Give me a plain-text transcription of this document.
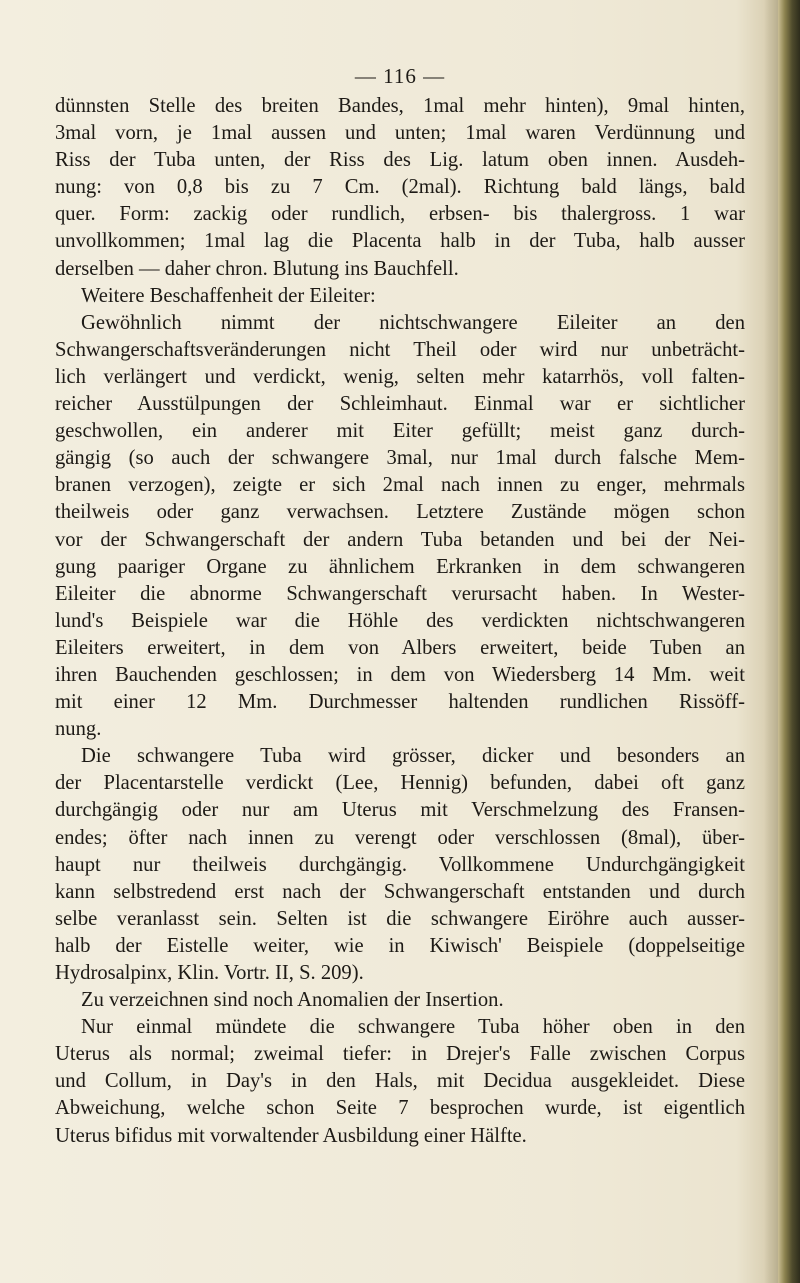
— 116 —
dünnsten Stelle des breiten Bandes, 1mal mehr hinten), 9mal hinten,
3mal vorn, je 1mal aussen und unten; 1mal waren Verdünnung und
Riss der Tuba unten, der Riss des Lig. latum oben innen. Ausdeh-
nung: von 0,8 bis zu 7 Cm. (2mal). Richtung bald längs, bald
quer. Form: zackig oder rundlich, erbsen- bis thalergross. 1 war
unvollkommen; 1mal lag die Placenta halb in der Tuba, halb ausser
derselben — daher chron. Blutung ins Bauchfell.
Weitere Beschaffenheit der Eileiter:
Gewöhnlich nimmt der nichtschwangere Eileiter an den
Schwangerschaftsveränderungen nicht Theil oder wird nur unbeträcht-
lich verlängert und verdickt, wenig, selten mehr katarrhös, voll falten-
reicher Ausstülpungen der Schleimhaut. Einmal war er sichtlicher
geschwollen, ein anderer mit Eiter gefüllt; meist ganz durch-
gängig (so auch der schwangere 3mal, nur 1mal durch falsche Mem-
branen verzogen), zeigte er sich 2mal nach innen zu enger, mehrmals
theilweis oder ganz verwachsen. Letztere Zustände mögen schon
vor der Schwangerschaft der andern Tuba betanden und bei der Nei-
gung paariger Organe zu ähnlichem Erkranken in dem schwangeren
Eileiter die abnorme Schwangerschaft verursacht haben. In Wester-
lund's Beispiele war die Höhle des verdickten nichtschwangeren
Eileiters erweitert, in dem von Albers erweitert, beide Tuben an
ihren Bauchenden geschlossen; in dem von Wiedersberg 14 Mm. weit
mit einer 12 Mm. Durchmesser haltenden rundlichen Rissöff-
nung.
Die schwangere Tuba wird grösser, dicker und besonders an
der Placentarstelle verdickt (Lee, Hennig) befunden, dabei oft ganz
durchgängig oder nur am Uterus mit Verschmelzung des Fransen-
endes; öfter nach innen zu verengt oder verschlossen (8mal), über-
haupt nur theilweis durchgängig. Vollkommene Undurchgängigkeit
kann selbstredend erst nach der Schwangerschaft entstanden und durch
selbe veranlasst sein. Selten ist die schwangere Eiröhre auch ausser-
halb der Eistelle weiter, wie in Kiwisch' Beispiele (doppelseitige
Hydrosalpinx, Klin. Vortr. II, S. 209).
Zu verzeichnen sind noch Anomalien der Insertion.
Nur einmal mündete die schwangere Tuba höher oben in den
Uterus als normal; zweimal tiefer: in Drejer's Falle zwischen Corpus
und Collum, in Day's in den Hals, mit Decidua ausgekleidet. Diese
Abweichung, welche schon Seite 7 besprochen wurde, ist eigentlich
Uterus bifidus mit vorwaltender Ausbildung einer Hälfte.
